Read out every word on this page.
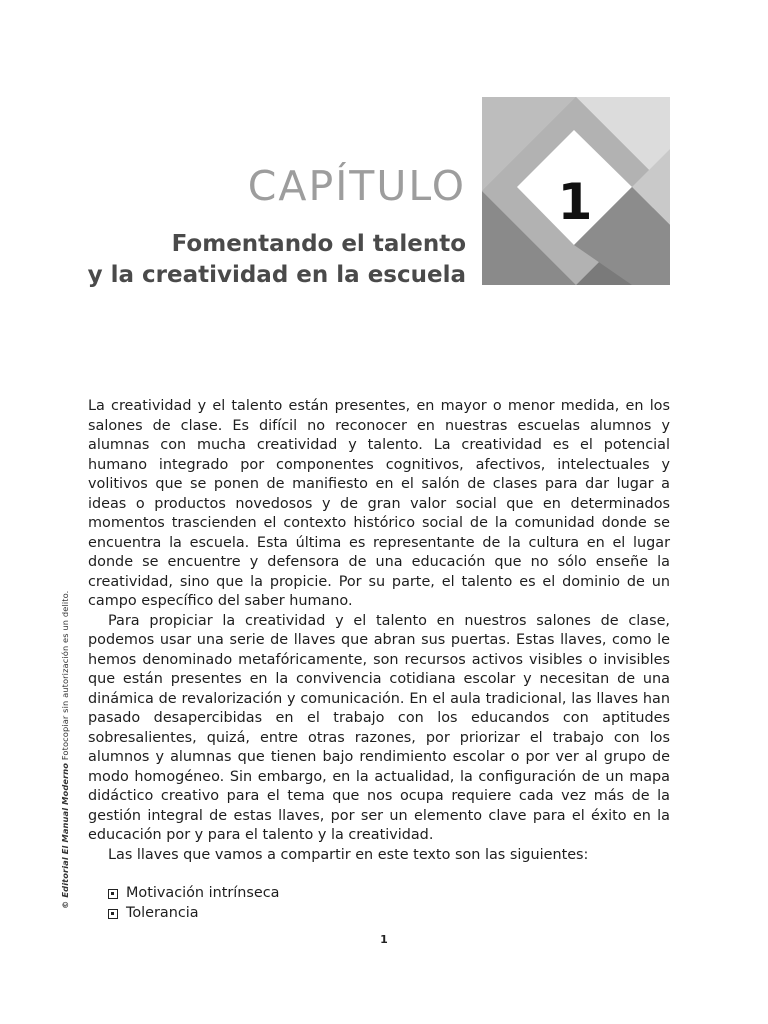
1
CAPÍTULO
Fomentando el talento
y la creatividad en la escuela
© Editorial El Manual Moderno Fotocopiar sin autorización es un delito.

La creatividad y el talento están presentes, en mayor o menor medida, en los salones de clase. Es difícil no reconocer en nuestras escuelas alumnos y alumnas con mucha creatividad y talento. La creatividad es el potencial humano integrado por componentes cognitivos, afectivos, intelectuales y volitivos que se ponen de manifiesto en el salón de clases para dar lugar a ideas o productos novedosos y de gran valor social que en determinados momentos trascienden el contexto histórico social de la comunidad donde se encuentra la escuela. Esta última es representante de la cultura en el lugar donde se encuentre y defensora de una educación que no sólo enseñe la creatividad, sino que la propicie. Por su parte, el talento es el dominio de un campo específico del saber humano.

Para propiciar la creatividad y el talento en nuestros salones de clase, podemos usar una serie de llaves que abran sus puertas. Estas llaves, como le hemos denominado metafóricamente, son recursos activos visibles o invisibles que están presentes en la convivencia cotidiana escolar y necesitan de una dinámica de revalorización y comunicación. En el aula tradicional, las llaves han pasado desapercibidas en el trabajo con los educandos con aptitudes sobresalientes, quizá, entre otras razones, por priorizar el trabajo con los alumnos y alumnas que tienen bajo rendimiento escolar o por ver al grupo de modo homogéneo. Sin embargo, en la actualidad, la configuración de un mapa didáctico creativo para el tema que nos ocupa requiere cada vez más de la gestión integral de estas llaves, por ser un elemento clave para el éxito en la educación por y para el talento y la creatividad.

Las llaves que vamos a compartir en este texto son las siguientes:

Motivación intrínseca
Tolerancia
1
